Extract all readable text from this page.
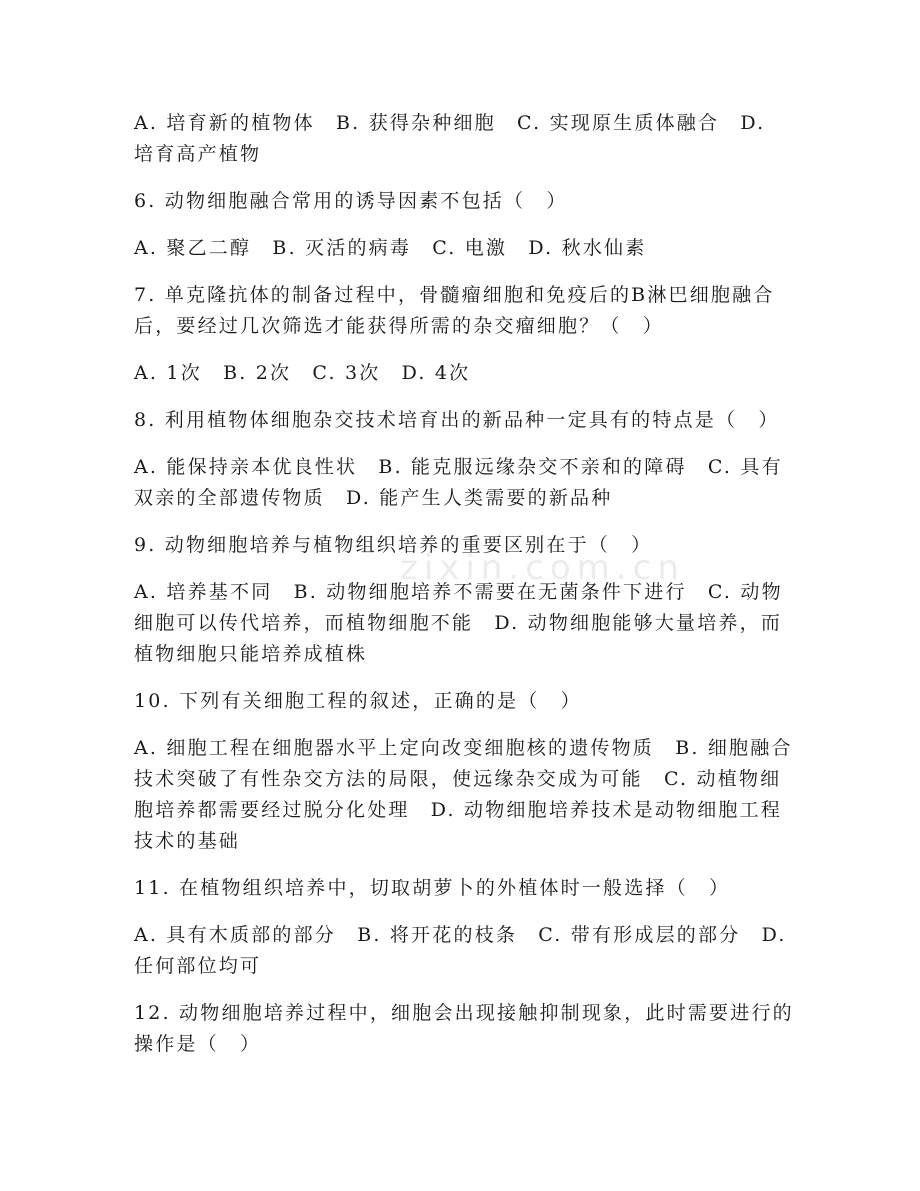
zixin.com.cn

A. 培育新的植物体　B. 获得杂种细胞　C. 实现原生质体融合　D. 培育高产植物

6. 动物细胞融合常用的诱导因素不包括（　）

A. 聚乙二醇　B. 灭活的病毒　C. 电激　D. 秋水仙素

7. 单克隆抗体的制备过程中，骨髓瘤细胞和免疫后的B淋巴细胞融合后，要经过几次筛选才能获得所需的杂交瘤细胞？（　）

A. 1次　B. 2次　C. 3次　D. 4次

8. 利用植物体细胞杂交技术培育出的新品种一定具有的特点是（　）

A. 能保持亲本优良性状　B. 能克服远缘杂交不亲和的障碍　C. 具有双亲的全部遗传物质　D. 能产生人类需要的新品种

9. 动物细胞培养与植物组织培养的重要区别在于（　）

A. 培养基不同　B. 动物细胞培养不需要在无菌条件下进行　C. 动物细胞可以传代培养，而植物细胞不能　D. 动物细胞能够大量培养，而植物细胞只能培养成植株

10. 下列有关细胞工程的叙述，正确的是（　）

A. 细胞工程在细胞器水平上定向改变细胞核的遗传物质　B. 细胞融合技术突破了有性杂交方法的局限，使远缘杂交成为可能　C. 动植物细胞培养都需要经过脱分化处理　D. 动物细胞培养技术是动物细胞工程技术的基础

11. 在植物组织培养中，切取胡萝卜的外植体时一般选择（　）

A. 具有木质部的部分　B. 将开花的枝条　C. 带有形成层的部分　D. 任何部位均可

12. 动物细胞培养过程中，细胞会出现接触抑制现象，此时需要进行的操作是（　）
